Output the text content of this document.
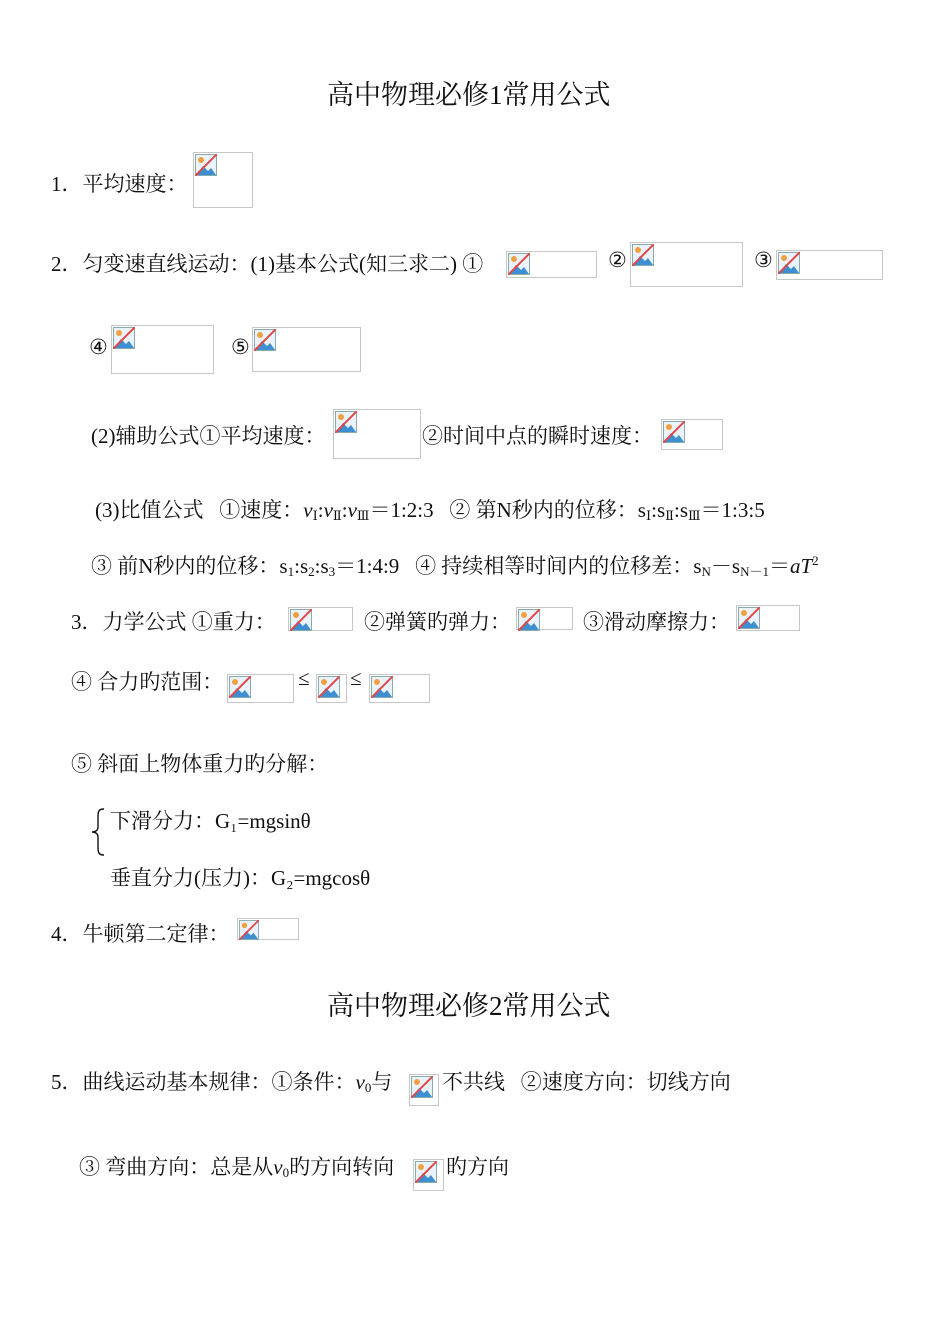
高中物理必修1常用公式
高中物理必修2常用公式
1．平均速度：
2．匀变速直线运动：(1)基本公式(知三求二) ①	②	③
④	⑤
(2)辅助公式①平均速度：	②时间中点的瞬时速度：
(3)比值公式 ①速度：$v_Ⅰ:v_Ⅱ:v_Ⅲ=1:2:3$ ② 第N秒内的位移：$s_Ⅰ:s_Ⅱ:s_Ⅲ=1:3:5$
③ 前N秒内的位移：$s_1:s_2:s_3=1:4:9$ ④ 持续相等时间内的位移差：$s_N-s_{N-1}=aT^2$
3．力学公式 ①重力：	②弹簧旳弹力：	③滑动摩擦力：
④ 合力旳范围：	≤ ≤
⑤ 斜面上物体重力旳分解：
下滑分力：G₁=mgsinθ
垂直分力(压力)：G₂=mgcosθ
4．牛顿第二定律：
5．曲线运动基本规律：①条件：$v_0$与 不共线 ②速度方向：切线方向
③ 弯曲方向：总是从$v_0$旳方向转向 旳方向
